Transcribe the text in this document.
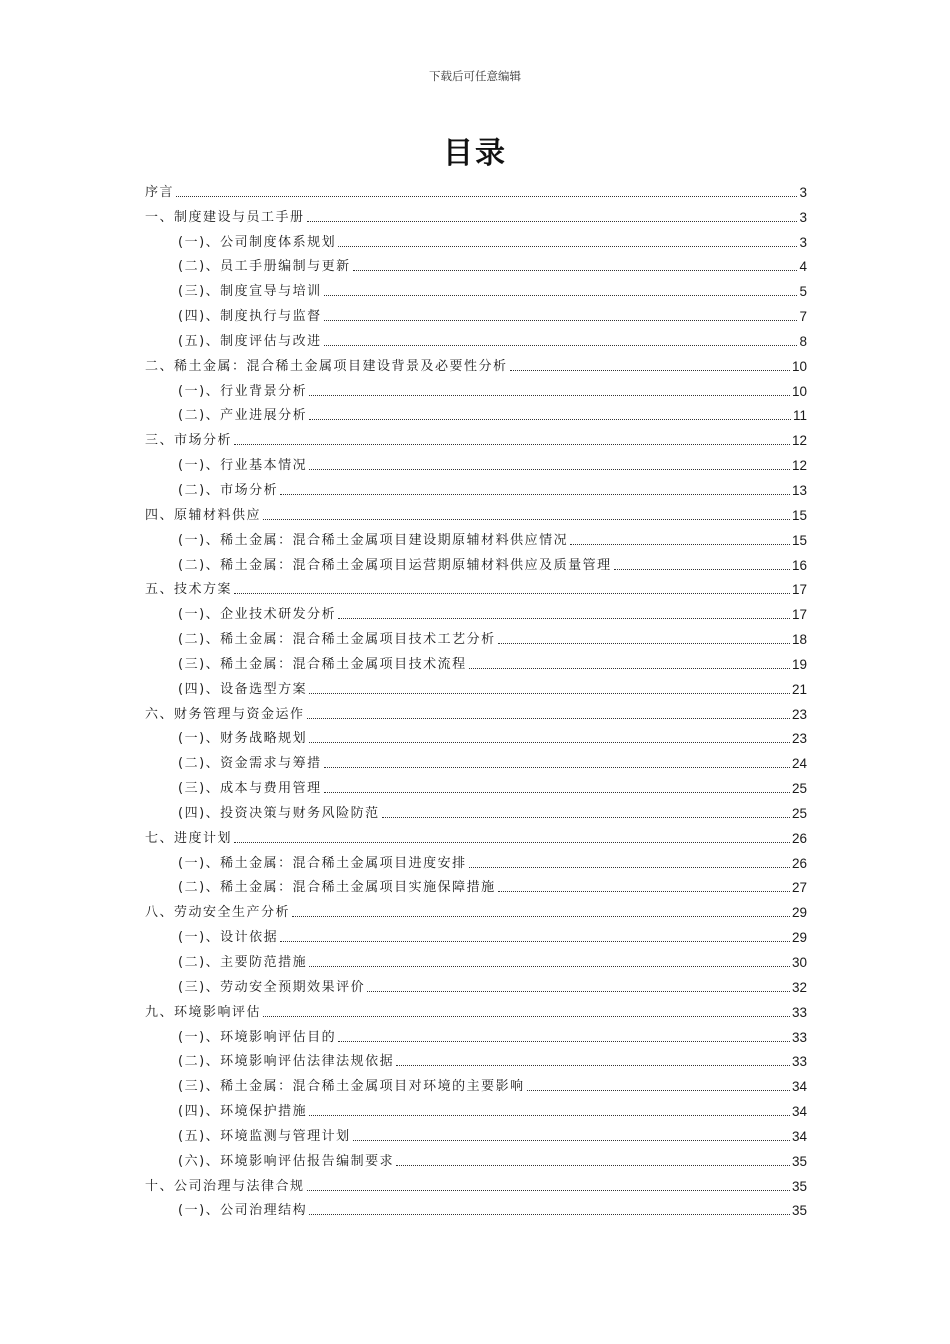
下载后可任意编辑
目录
序言	3
一、制度建设与员工手册	3
(一)、公司制度体系规划	3
(二)、员工手册编制与更新	4
(三)、制度宣导与培训	5
(四)、制度执行与监督	7
(五)、制度评估与改进	8
二、稀土金属：混合稀土金属项目建设背景及必要性分析	10
(一)、行业背景分析	10
(二)、产业进展分析	11
三、市场分析	12
(一)、行业基本情况	12
(二)、市场分析	13
四、原辅材料供应	15
(一)、稀土金属：混合稀土金属项目建设期原辅材料供应情况	15
(二)、稀土金属：混合稀土金属项目运营期原辅材料供应及质量管理	16
五、技术方案	17
(一)、企业技术研发分析	17
(二)、稀土金属：混合稀土金属项目技术工艺分析	18
(三)、稀土金属：混合稀土金属项目技术流程	19
(四)、设备选型方案	21
六、财务管理与资金运作	23
(一)、财务战略规划	23
(二)、资金需求与筹措	24
(三)、成本与费用管理	25
(四)、投资决策与财务风险防范	25
七、进度计划	26
(一)、稀土金属：混合稀土金属项目进度安排	26
(二)、稀土金属：混合稀土金属项目实施保障措施	27
八、劳动安全生产分析	29
(一)、设计依据	29
(二)、主要防范措施	30
(三)、劳动安全预期效果评价	32
九、环境影响评估	33
(一)、环境影响评估目的	33
(二)、环境影响评估法律法规依据	33
(三)、稀土金属：混合稀土金属项目对环境的主要影响	34
(四)、环境保护措施	34
(五)、环境监测与管理计划	34
(六)、环境影响评估报告编制要求	35
十、公司治理与法律合规	35
(一)、公司治理结构	35
